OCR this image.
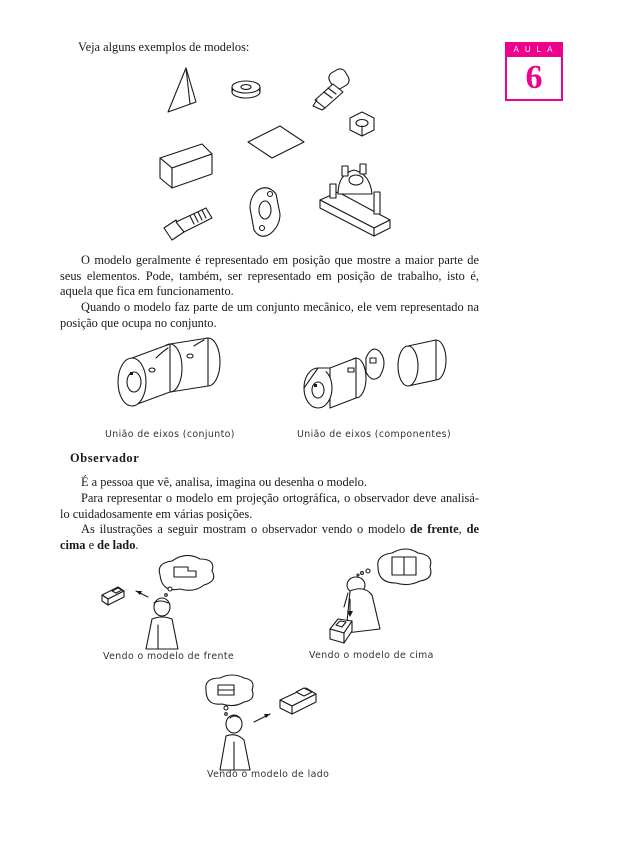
AULA
6
Veja alguns exemplos de modelos:
O modelo geralmente é representado em posição que mostre a maior parte de seus elementos. Pode, também, ser representado em posição de trabalho, isto é, aquela que fica em funcionamento.
Quando o modelo faz parte de um conjunto mecânico, ele vem representado na posição que ocupa no conjunto.
União de eixos (conjunto)	União de eixos (componentes)
Observador
É a pessoa que vê, analisa, imagina ou desenha o modelo.
Para representar o modelo em projeção ortográfica, o observador deve analisá-lo cuidadosamente em várias posições.
As ilustrações a seguir mostram o observador vendo o modelo de frente, de cima e de lado.
Vendo o modelo de frente	Vendo o modelo de cima
Vendo o modelo de lado
